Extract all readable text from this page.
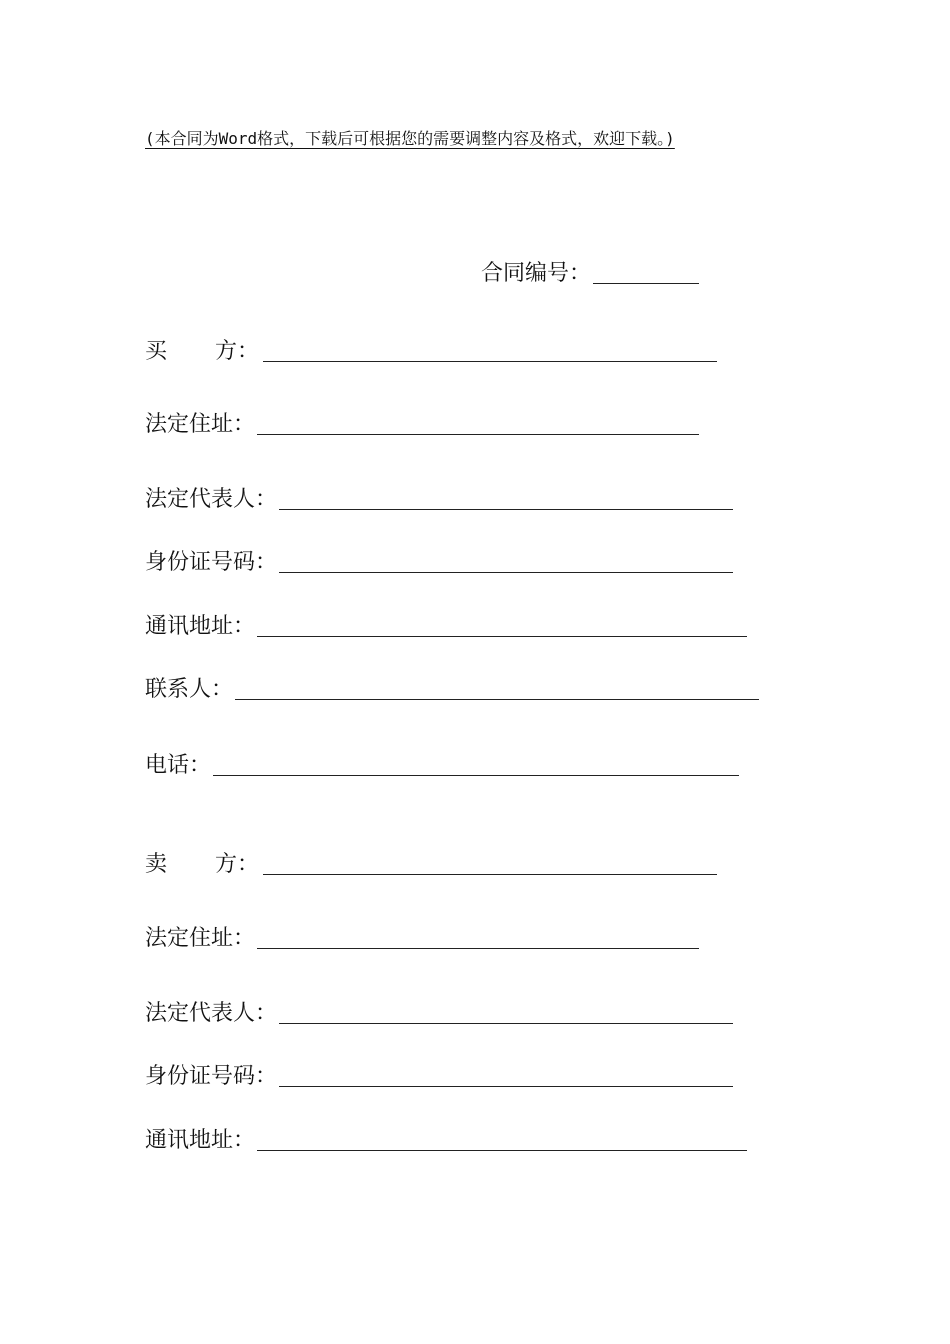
(本合同为Word格式，下载后可根据您的需要调整内容及格式，欢迎下载。)
合同编号：
买 方：
法定住址：
法定代表人：
身份证号码：
通讯地址：
联系人：
电话：
卖 方：
法定住址：
法定代表人：
身份证号码：
通讯地址：
